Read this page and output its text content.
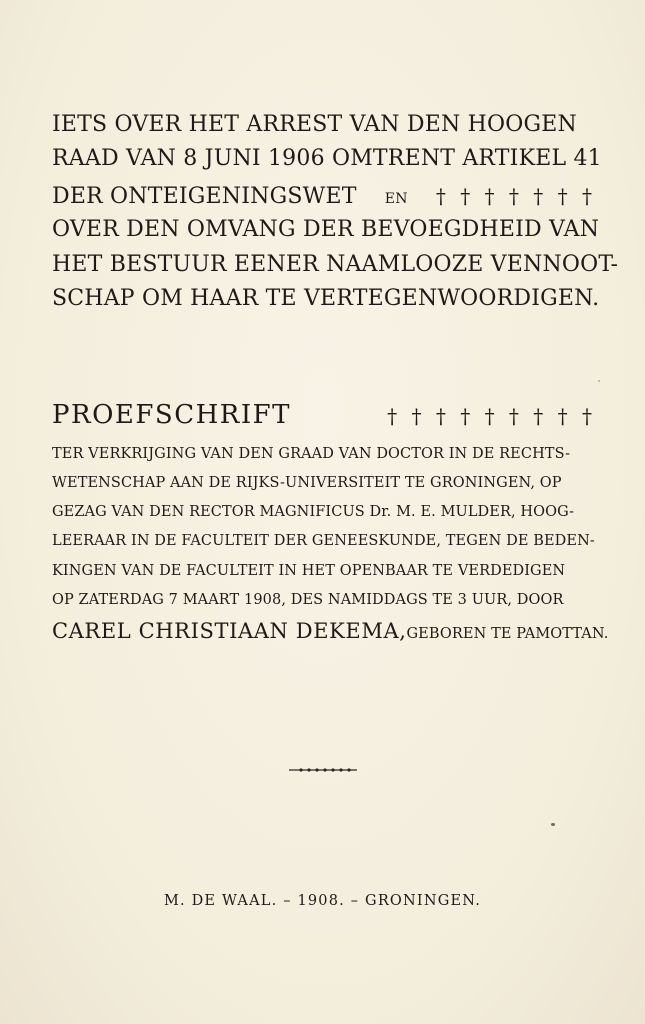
IETS OVER HET ARREST VAN DEN HOOGEN
RAAD VAN 8 JUNI 1906 OMTRENT ARTIKEL 41
DER ONTEIGENINGSWET EN † † † † † † †
OVER DEN OMVANG DER BEVOEGDHEID VAN
HET BESTUUR EENER NAAMLOOZE VENNOOT-
SCHAP OM HAAR TE VERTEGENWOORDIGEN.
PROEFSCHRIFT	† † † † † † † † †
TER VERKRIJGING VAN DEN GRAAD VAN DOCTOR IN DE RECHTS-
WETENSCHAP AAN DE RIJKS-UNIVERSITEIT TE GRONINGEN, OP
GEZAG VAN DEN RECTOR MAGNIFICUS Dr. M. E. MULDER, HOOG-
LEERAAR IN DE FACULTEIT DER GENEESKUNDE, TEGEN DE BEDEN-
KINGEN VAN DE FACULTEIT IN HET OPENBAAR TE VERDEDIGEN
OP ZATERDAG 7 MAART 1908, DES NAMIDDAGS TE 3 UUR, DOOR
CAREL CHRISTIAAN DEKEMA, GEBOREN TE PAMOTTAN.
M. DE WAAL. – 1908. – GRONINGEN.
